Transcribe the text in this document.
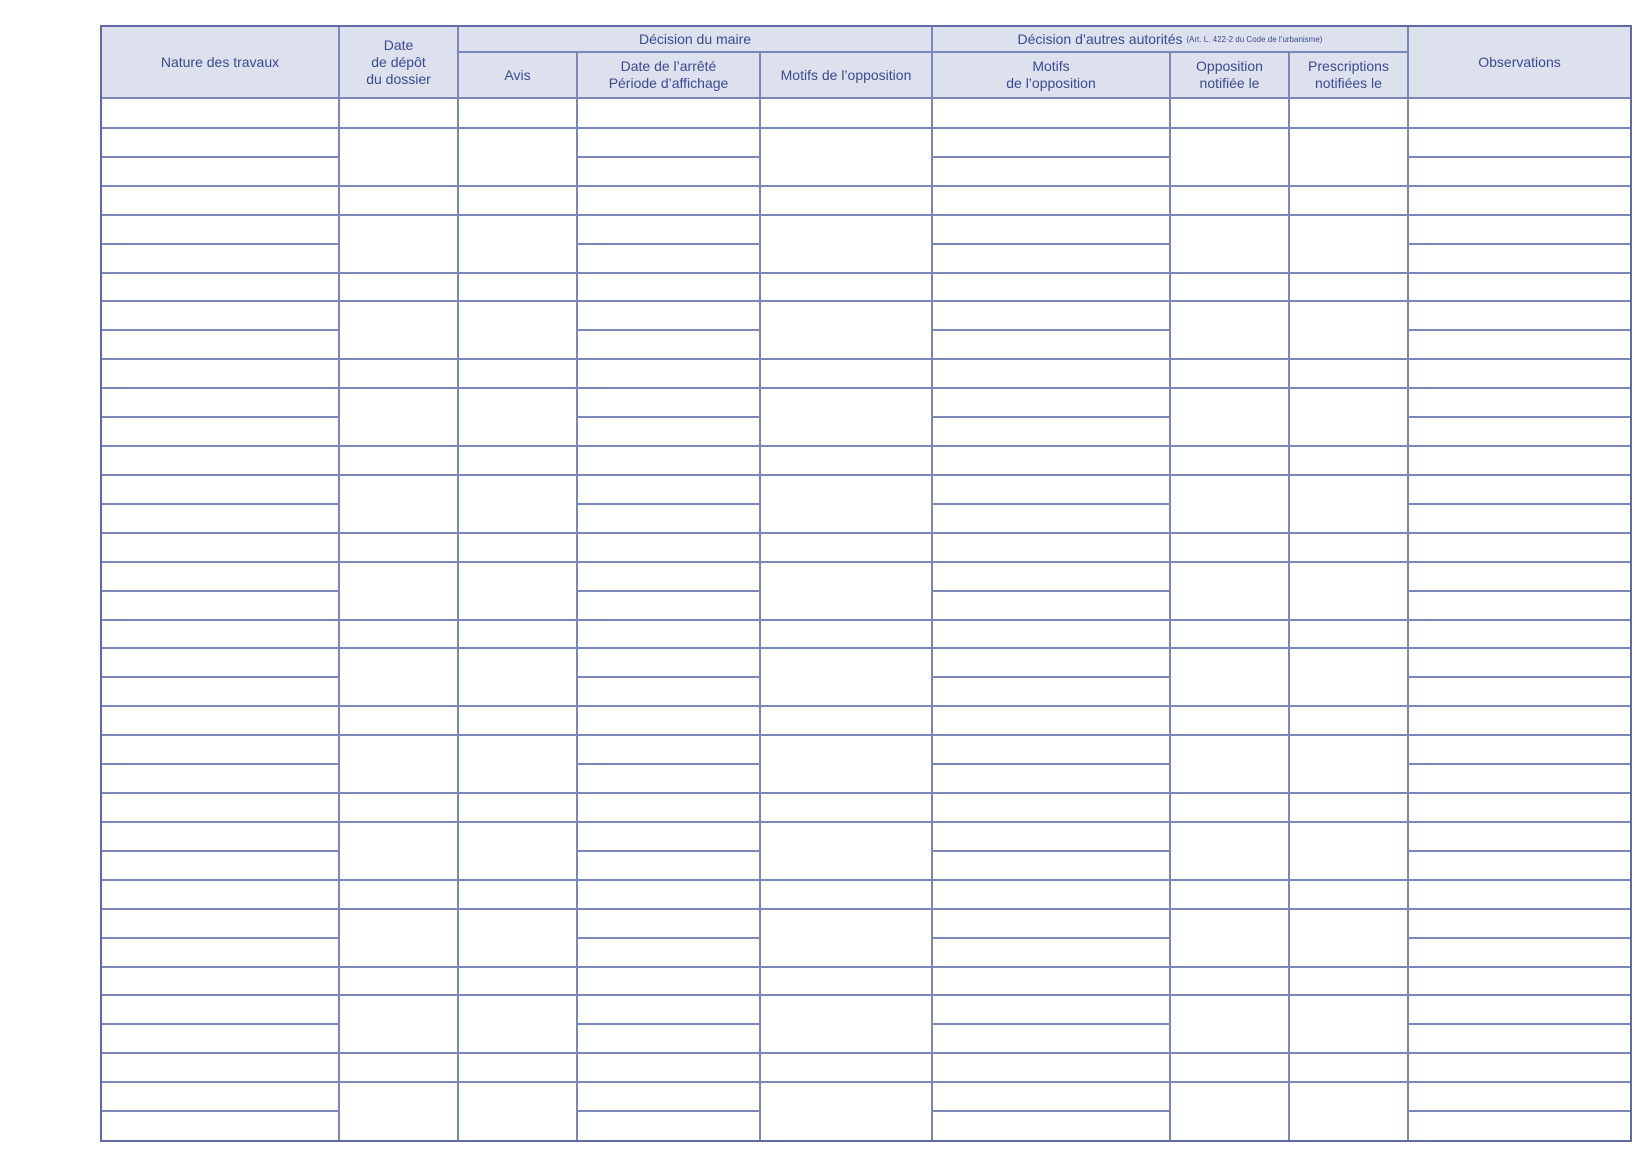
Nature des travaux
Date
de dépôt
du dossier
Décision du maire	Décision d’autres autorités
(Art. L. 422-2 du Code de l’urbanisme)
Observations
Avis
Date de l’arrêté
Période d’affichage
Motifs de l’opposition
Motifs
de l’opposition
Opposition
notifiée le
Prescriptions
notifiées le
